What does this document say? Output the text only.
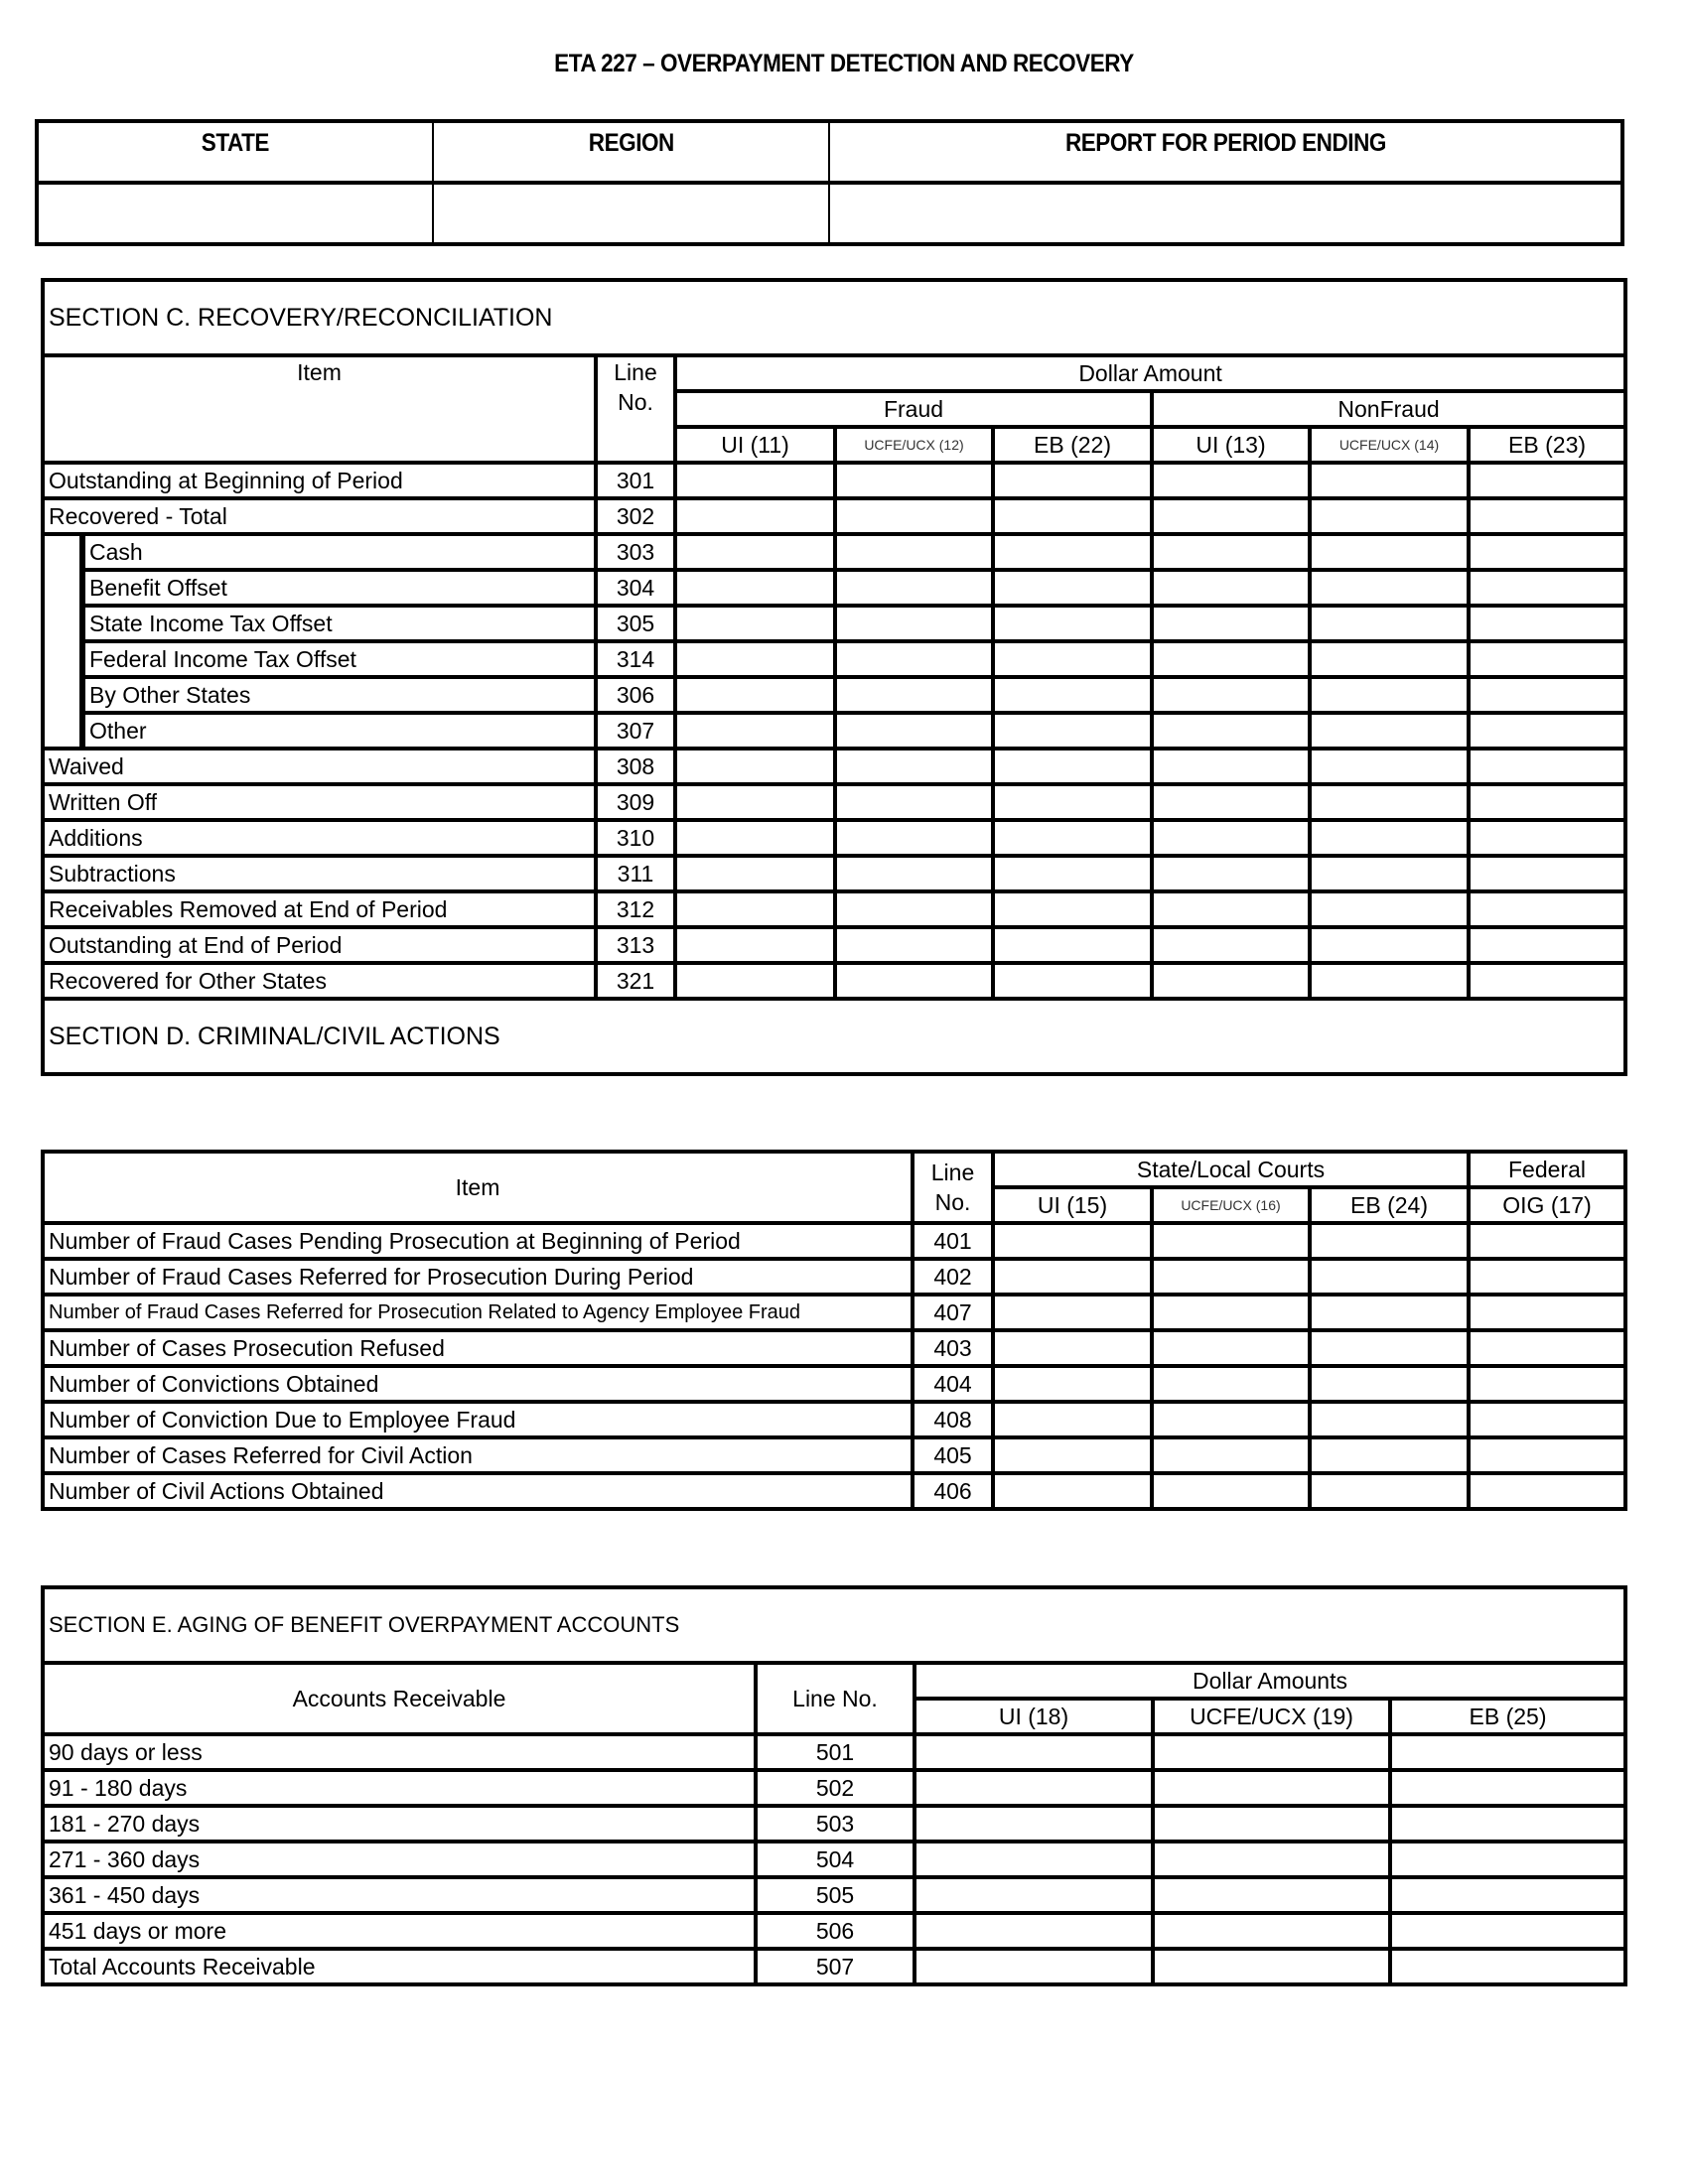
ETA 227 – OVERPAYMENT DETECTION AND RECOVERY
STATE	REGION	REPORT FOR PERIOD ENDING

SECTION C. RECOVERY/RECONCILIATION								
Item		Line
No.	Dollar Amount					
			Fraud			NonFraud		
			UI (11)	UCFE/UCX (12)	EB (22)	UI (13)	UCFE/UCX (14)	EB (23)
Outstanding at Beginning of Period		301						
Recovered - Total		302						
	Cash	303						
	Benefit Offset	304						
	State Income Tax Offset	305						
	Federal Income Tax Offset	314						
	By Other States	306						
	Other	307						
Waived		308						
Written Off		309						
Additions		310						
Subtractions		311						
Receivables Removed at End of Period		312						
Outstanding at End of Period		313						
Recovered for Other States		321						
SECTION D. CRIMINAL/CIVIL ACTIONS								
Item	Line
No.	State/Local Courts			Federal
		UI (15)	UCFE/UCX (16)	EB (24)	OIG (17)
Number of Fraud Cases Pending Prosecution at Beginning of Period	401				
Number of Fraud Cases Referred for Prosecution During Period	402				
Number of Fraud Cases Referred for Prosecution Related to Agency Employee Fraud	407				
Number of Cases Prosecution Refused	403				
Number of Convictions Obtained	404				
Number of Conviction Due to Employee Fraud	408				
Number of Cases Referred for Civil Action	405				
Number of Civil Actions Obtained	406				
SECTION E. AGING OF BENEFIT OVERPAYMENT ACCOUNTS				
Accounts Receivable	Line No.	Dollar Amounts		
		UI (18)	UCFE/UCX (19)	EB (25)
90 days or less	501			
91 - 180 days	502			
181 - 270 days	503			
271 - 360 days	504			
361 - 450 days	505			
451 days or more	506			
Total Accounts Receivable	507			
